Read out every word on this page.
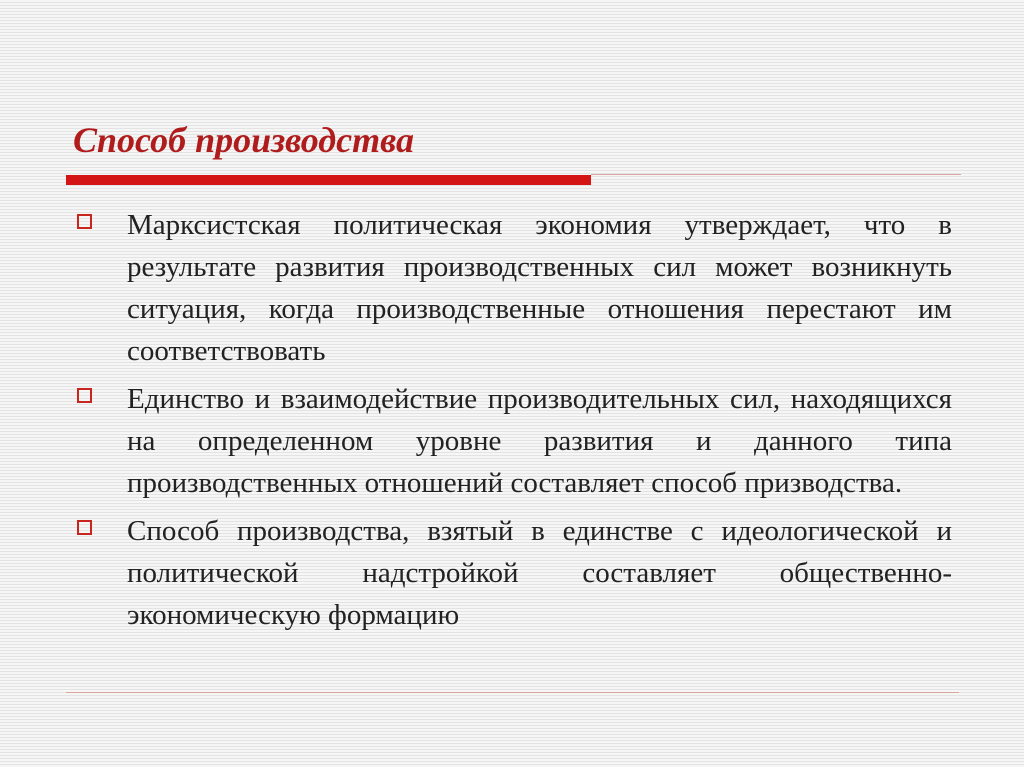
Способ производства
Марксистская политическая экономия утверждает, что в результате развития производственных сил может возникнуть ситуация, когда производственные отношения перестают им соответствовать
Единство и взаимодействие производительных сил, находящихся на определенном уровне развития и данного типа производственных отношений составляет способ призводства.
Способ производства, взятый в единстве с идеологической и политической надстройкой составляет общественно-экономическую формацию
